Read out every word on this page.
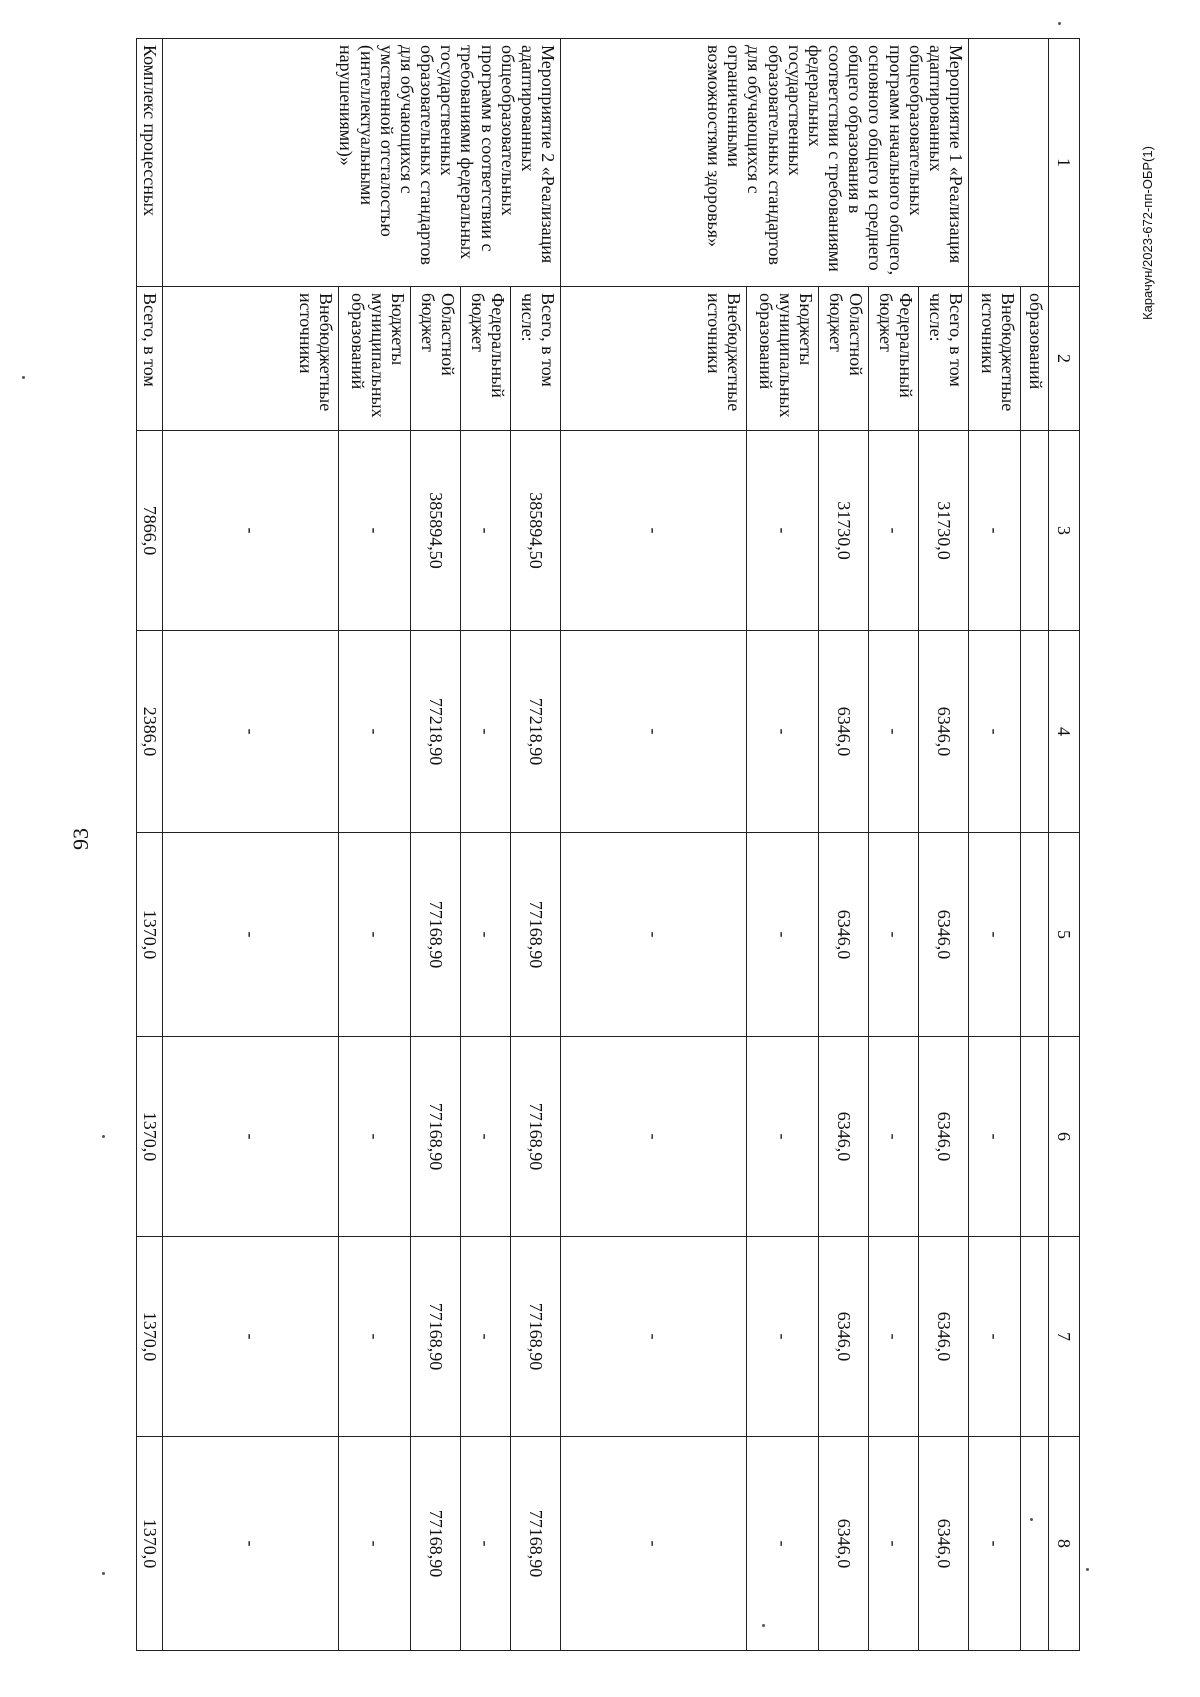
93
Карачун/2023-672-пп-ОБР(1)
1	2	3	4	5	6	7	8
	образований						
	Внебюджетные источники	-	-	-	-	-	-
Мероприятие 1 «Реализация адаптированных общеобразовательных программ начального общего, основного общего и среднего общего образования в соответствии с требованиями федеральных государственных образовательных стандартов для обучающихся с ограниченными возможностями здоровья»	Всего, в том числе:	31730,0	6346,0	6346,0	6346,0	6346,0	6346,0
	Федеральный бюджет	-	-	-	-	-	-
	Областной бюджет	31730,0	6346,0	6346,0	6346,0	6346,0	6346,0
	Бюджеты муниципальных образований	-	-	-	-	-	-
	Внебюджетные источники	-	-	-	-	-	-
Мероприятие 2 «Реализация адаптированных общеобразовательных программ в соответствии с требованиями федеральных государственных образовательных стандартов для обучающихся с умственной отсталостью (интеллектуальными нарушениями)»	Всего, в том числе:	385894,50	77218,90	77168,90	77168,90	77168,90	77168,90
	Федеральный бюджет	-	-	-	-	-	-
	Областной бюджет	385894,50	77218,90	77168,90	77168,90	77168,90	77168,90
	Бюджеты муниципальных образований	-	-	-	-	-	-
	Внебюджетные источники	-	-	-	-	-	-
Комплекс процессных	Всего, в том	7866,0	2386,0	1370,0	1370,0	1370,0	1370,0
